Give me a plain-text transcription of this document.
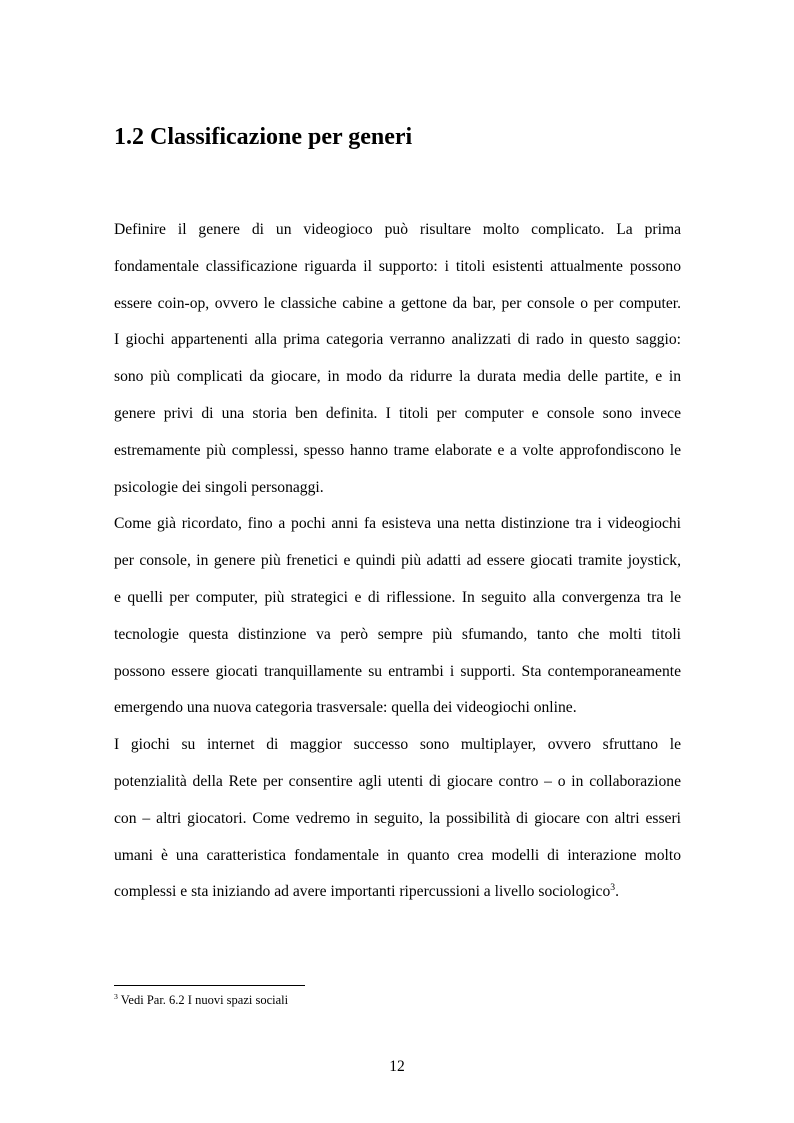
1.2 Classificazione per generi
Definire il genere di un videogioco può risultare molto complicato. La prima
fondamentale classificazione riguarda il supporto: i titoli esistenti attualmente possono
essere coin-op, ovvero le classiche cabine a gettone da bar, per console o per computer.
I giochi appartenenti alla prima categoria verranno analizzati di rado in questo saggio:
sono più complicati da giocare, in modo da ridurre la durata media delle partite, e in
genere privi di una storia ben definita. I titoli per computer e console sono invece
estremamente più complessi, spesso hanno trame elaborate e a volte approfondiscono le
psicologie dei singoli personaggi.
Come già ricordato, fino a pochi anni fa esisteva una netta distinzione tra i videogiochi
per console, in genere più frenetici e quindi più adatti ad essere giocati tramite joystick,
e quelli per computer, più strategici e di riflessione. In seguito alla convergenza tra le
tecnologie questa distinzione va però sempre più sfumando, tanto che molti titoli
possono essere giocati tranquillamente su entrambi i supporti. Sta contemporaneamente
emergendo una nuova categoria trasversale: quella dei videogiochi online.
I giochi su internet di maggior successo sono multiplayer, ovvero sfruttano le
potenzialità della Rete per consentire agli utenti di giocare contro – o in collaborazione
con – altri giocatori. Come vedremo in seguito, la possibilità di giocare con altri esseri
umani è una caratteristica fondamentale in quanto crea modelli di interazione molto
complessi e sta iniziando ad avere importanti ripercussioni a livello sociologico$^3$.
$^3$ Vedi Par. 6.2 I nuovi spazi sociali
12
